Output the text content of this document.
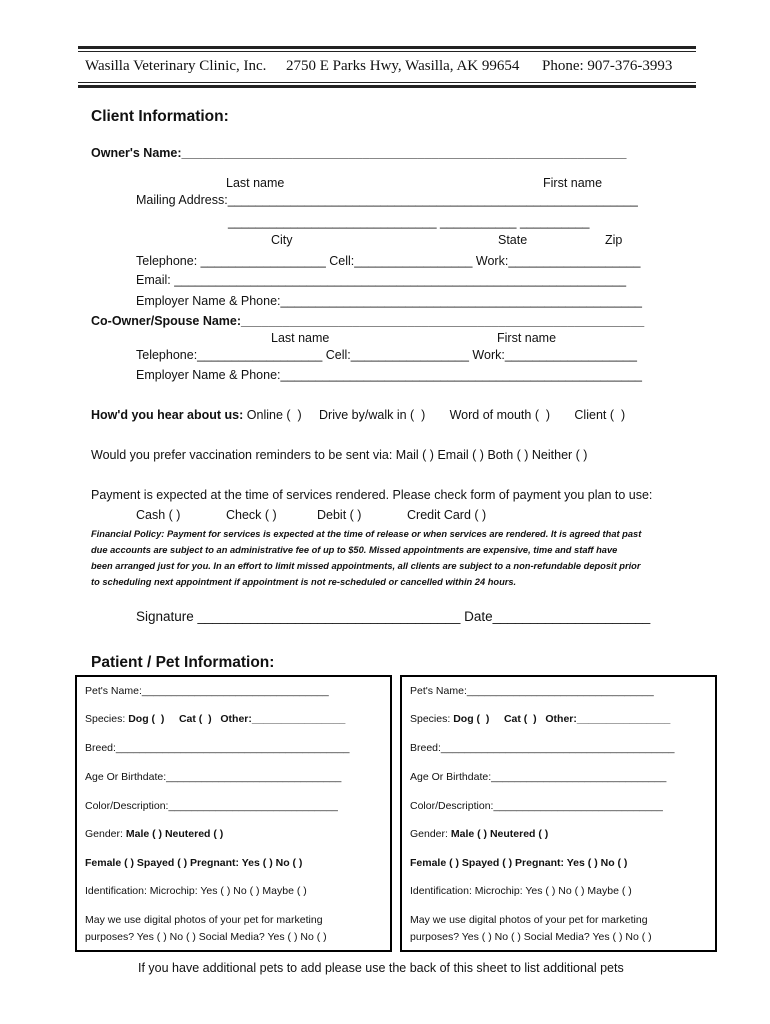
Wasilla Veterinary Clinic, Inc. 2750 E Parks Hwy, Wasilla, AK 99654 Phone: 907-376-3993
Client Information:
Owner's Name:________________________________________________________________
Last name	First name
Mailing Address:___________________________________________________________
______________________________ ___________ __________
City	State	Zip
Telephone: __________________ Cell:_________________ Work:___________________
Email: _________________________________________________________________
Employer Name & Phone:____________________________________________________
Co-Owner/Spouse Name:__________________________________________________________
Last name	First name
Telephone:__________________ Cell:_________________ Work:___________________
Employer Name & Phone:____________________________________________________
How'd you hear about us: Online (  )     Drive by/walk in (  )       Word of mouth (  )       Client (  )
Would you prefer vaccination reminders to be sent via: Mail ( ) Email ( ) Both ( ) Neither ( )
Payment is expected at the time of services rendered. Please check form of payment you plan to use:
Cash ( )	Check ( )	Debit ( )	Credit Card ( )
Financial Policy: Payment for services is expected at the time of release or when services are rendered. It is agreed that past
due accounts are subject to an administrative fee of up to $50. Missed appointments are expensive, time and staff have
been arranged just for you. In an effort to limit missed appointments, all clients are subject to a non-refundable deposit prior
to scheduling next appointment if appointment is not re-scheduled or cancelled within 24 hours.
Signature ___________________________________ Date_____________________
Patient / Pet Information:
Pet's Name:________________________________
Species: Dog (  )     Cat (  )   Other:________________
Breed:________________________________________
Age Or Birthdate:______________________________
Color/Description:_____________________________
Gender: Male ( ) Neutered ( )
Female ( ) Spayed ( ) Pregnant: Yes ( ) No ( )
Identification: Microchip: Yes ( ) No ( ) Maybe ( )
May we use digital photos of your pet for marketing
purposes? Yes ( ) No ( ) Social Media? Yes ( ) No ( )
Pet's Name:________________________________
Species: Dog (  )     Cat (  )   Other:________________
Breed:________________________________________
Age Or Birthdate:______________________________
Color/Description:_____________________________
Gender: Male ( ) Neutered ( )
Female ( ) Spayed ( ) Pregnant: Yes ( ) No ( )
Identification: Microchip: Yes ( ) No ( ) Maybe ( )
May we use digital photos of your pet for marketing
purposes? Yes ( ) No ( ) Social Media? Yes ( ) No ( )
If you have additional pets to add please use the back of this sheet to list additional pets
